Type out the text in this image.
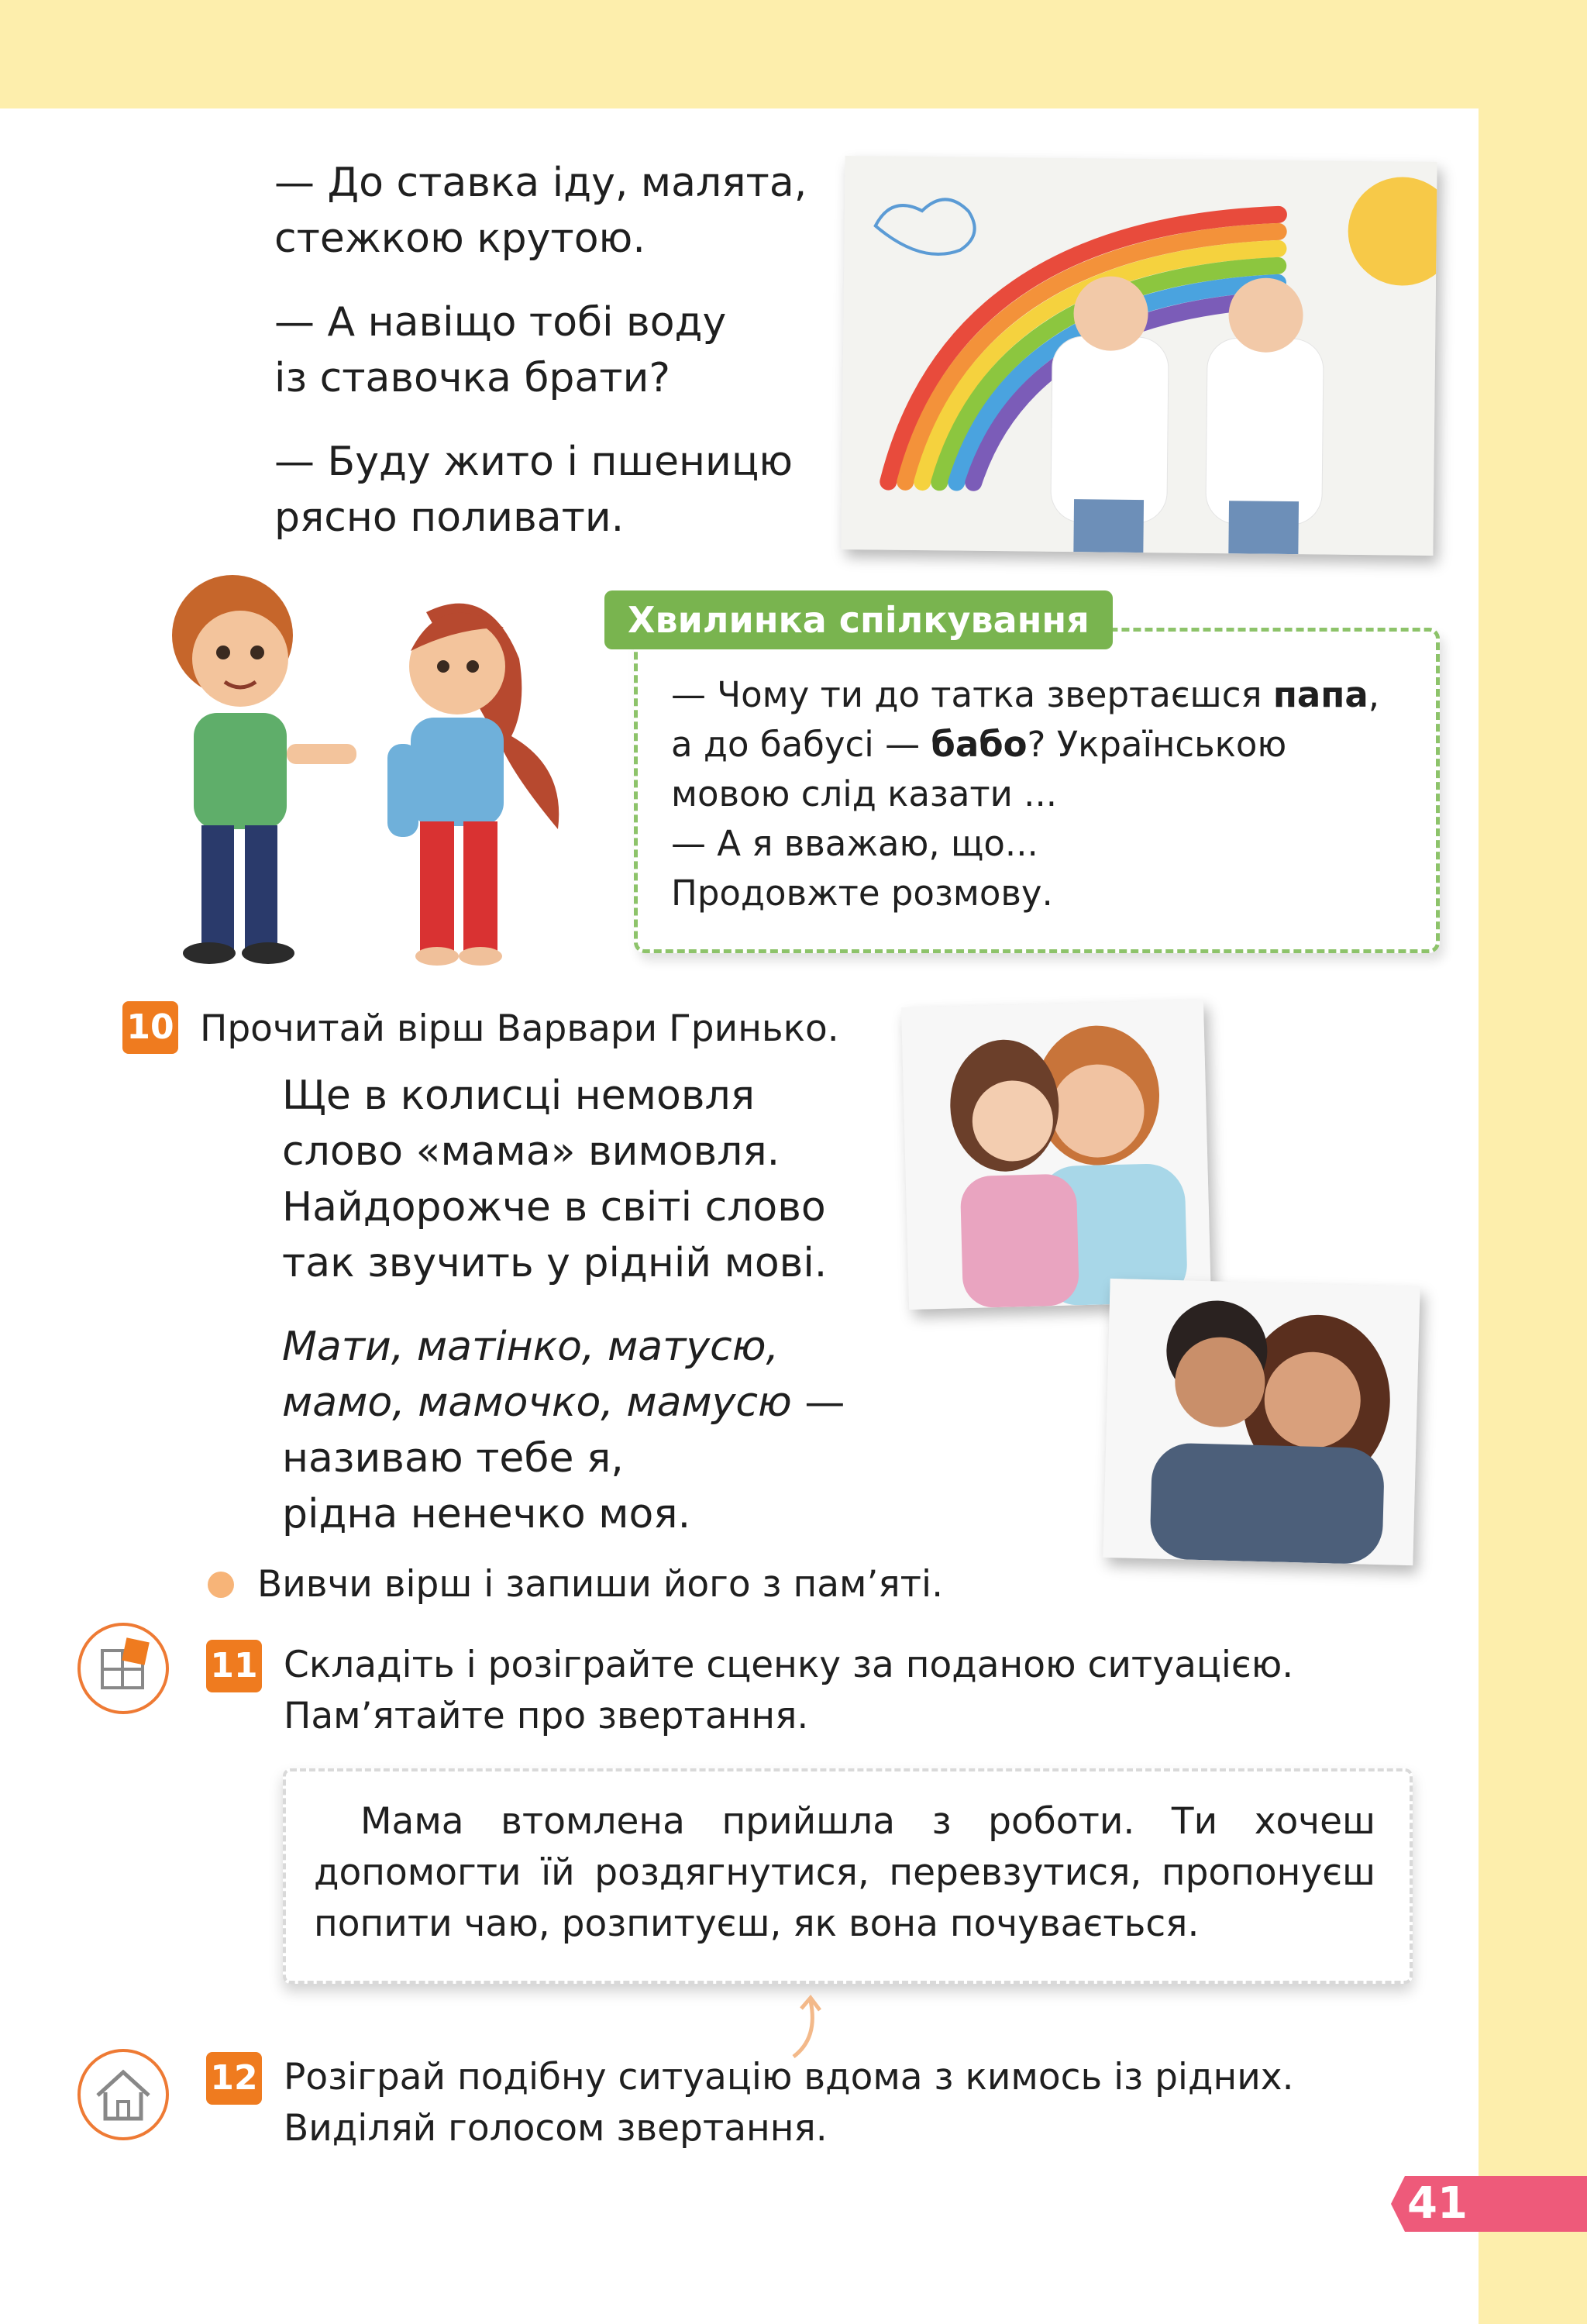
— До ставка іду, малята,

стежкою крутою.

— А навіщо тобі воду

із ставочка брати?

— Буду жито і пшеницю

рясно поливати.

Хвилинка спілкування
— Чому ти до татка звертаєшся папа,
а до бабусі — бабо? Українською
мовою слід казати ...
— А я вважаю, що...
Продовжте розмову.
10 Прочитай вірш Варвари Гринько.

Ще в колисці немовля

слово «мама» вимовля.

Найдорожче в світі слово

так звучить у рідній мові.

Мати, матінко, матусю,

мамо, мамочко, мамусю —

називаю тебе я,

рідна ненечко моя.

Вивчи вірш і запиши його з пам’яті.
11 Складіть і розіграйте сценку за поданою ситуацією. Пам’ятайте про звертання.
Мама втомлена прийшла з роботи. Ти хочеш допомогти їй роздягнутися, перевзутися, пропонуєш попити чаю, розпитуєш, як вона почувається.
12 Розіграй подібну ситуацію вдома з кимось із рідних. Виділяй голосом звертання.
41
